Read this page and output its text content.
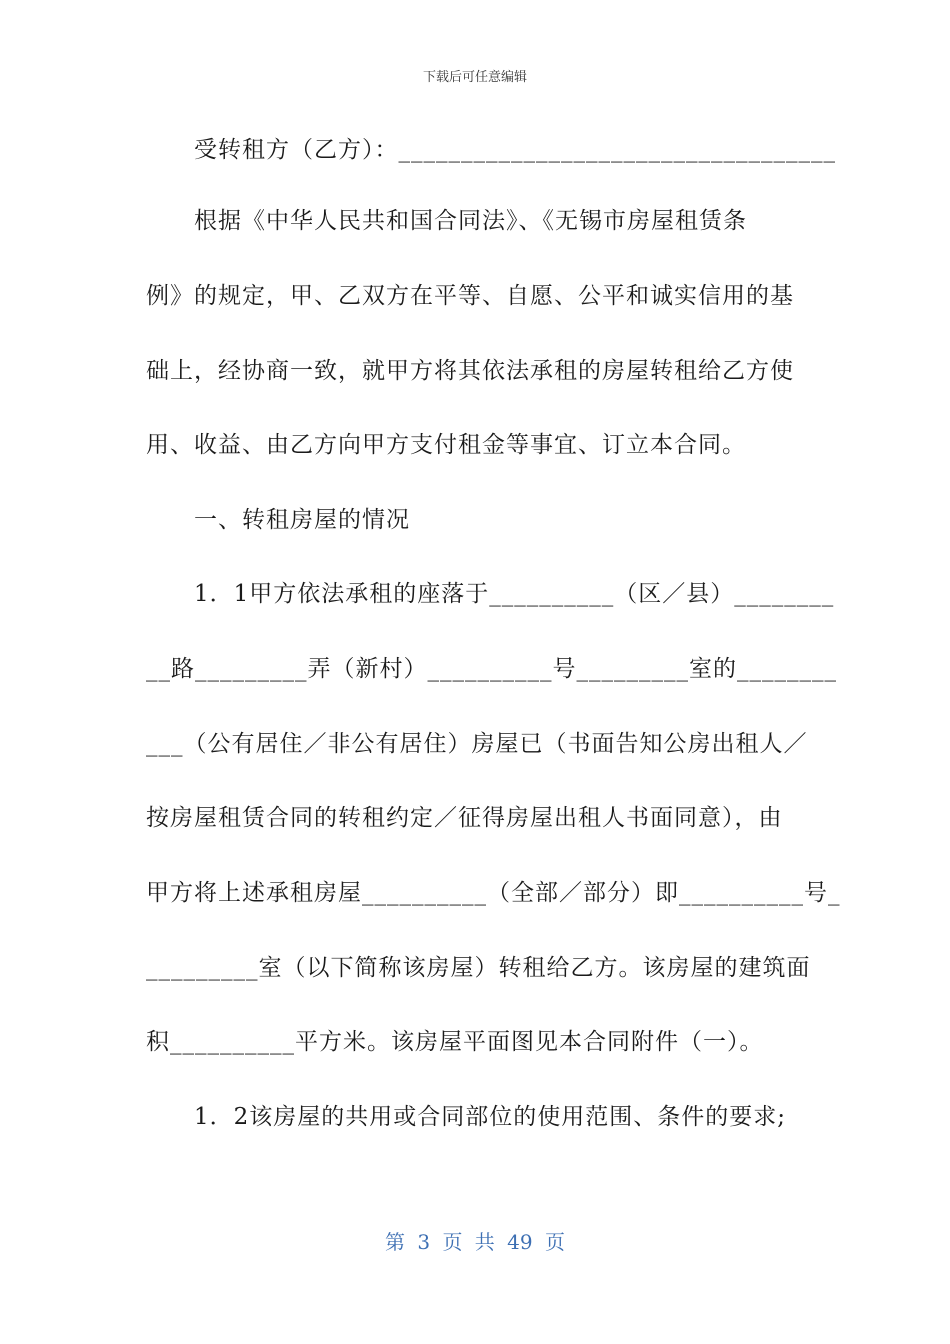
下载后可任意编辑
受转租方（乙方）：___________________________________
根据《中华人民共和国合同法》、《无锡市房屋租赁条
例》的规定，甲、乙双方在平等、自愿、公平和诚实信用的基
础上，经协商一致，就甲方将其依法承租的房屋转租给乙方使
用、收益、由乙方向甲方支付租金等事宜、订立本合同。
一、转租房屋的情况
1．1甲方依法承租的座落于__________（区／县）________
__路_________弄（新村）__________号_________室的________
___（公有居住／非公有居住）房屋已（书面告知公房出租人／
按房屋租赁合同的转租约定／征得房屋出租人书面同意），由
甲方将上述承租房屋__________（全部／部分）即__________号_
_________室（以下简称该房屋）转租给乙方。该房屋的建筑面
积__________平方米。该房屋平面图见本合同附件（一）。
1．2该房屋的共用或合同部位的使用范围、条件的要求;
第 3 页 共 49 页
